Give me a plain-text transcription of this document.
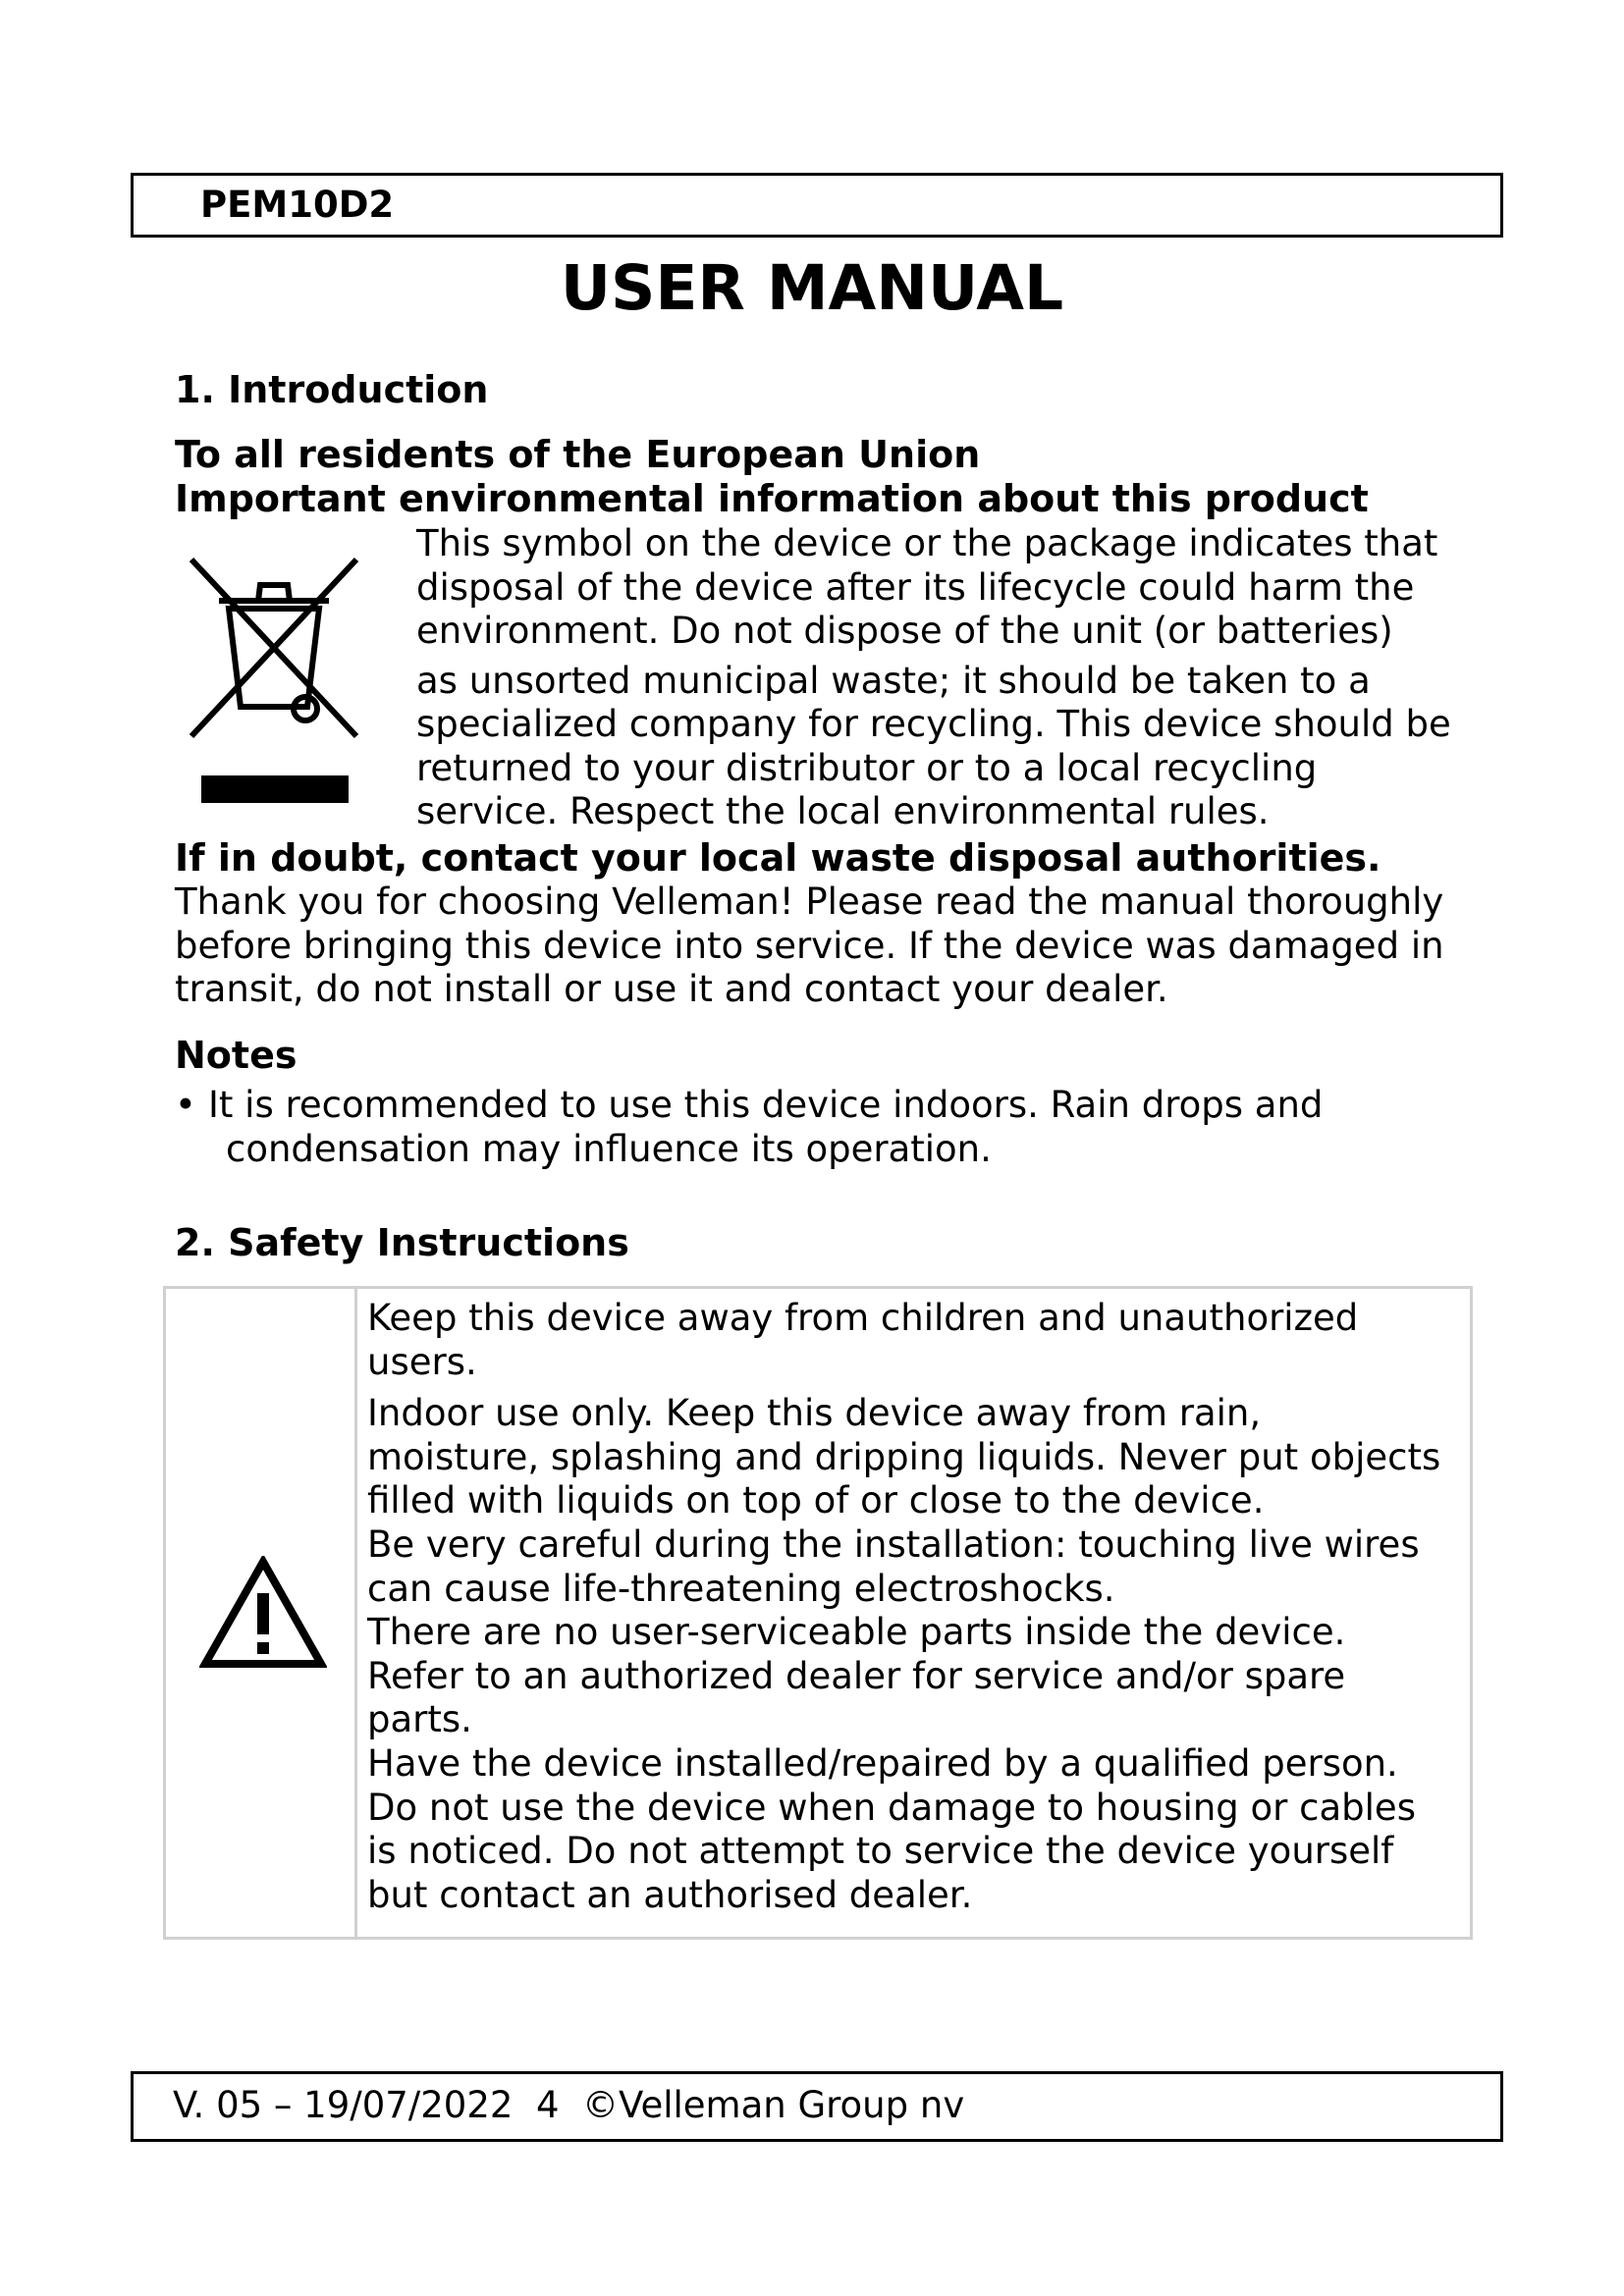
PEM10D2
USER MANUAL
1. Introduction
To all residents of the European Union
Important environmental information about this product
This symbol on the device or the package indicates that
disposal of the device after its lifecycle could harm the
environment. Do not dispose of the unit (or batteries)
as unsorted municipal waste; it should be taken to a
specialized company for recycling. This device should be
returned to your distributor or to a local recycling
service. Respect the local environmental rules.
If in doubt, contact your local waste disposal authorities.
Thank you for choosing Velleman! Please read the manual thoroughly
before bringing this device into service. If the device was damaged in
transit, do not install or use it and contact your dealer.
Notes
• It is recommended to use this device indoors. Rain drops and
condensation may influence its operation.
2. Safety Instructions
Keep this device away from children and unauthorized
users.
Indoor use only. Keep this device away from rain,
moisture, splashing and dripping liquids. Never put objects
filled with liquids on top of or close to the device.
Be very careful during the installation: touching live wires
can cause life-threatening electroshocks.
There are no user-serviceable parts inside the device.
Refer to an authorized dealer for service and/or spare
parts.
Have the device installed/repaired by a qualified person.
Do not use the device when damage to housing or cables
is noticed. Do not attempt to service the device yourself
but contact an authorised dealer.
V. 05 – 19/07/2022  4  ©Velleman Group nv
